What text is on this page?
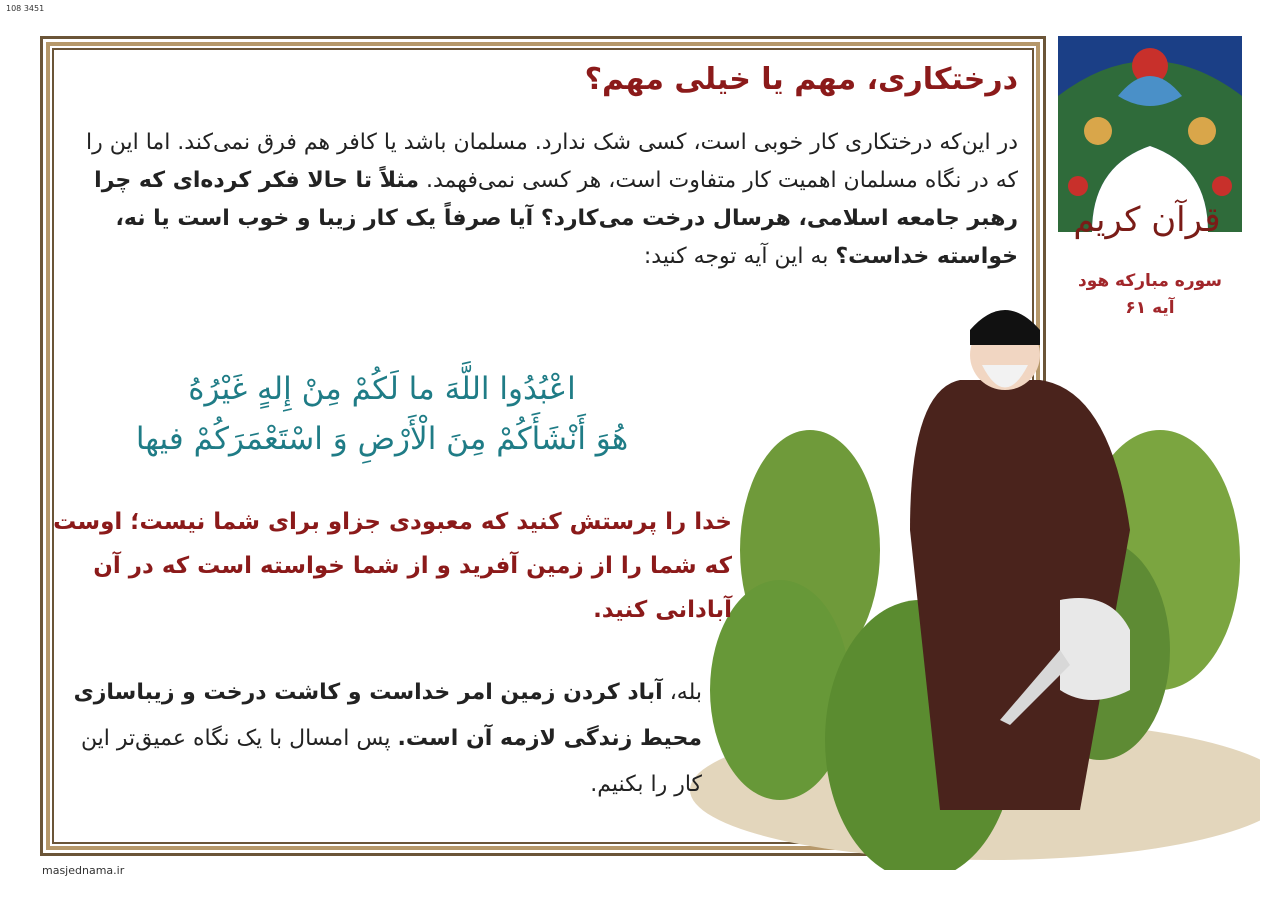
108 3451
قرآن کریم
سوره مبارکه هود
آیه ۶۱
درختکاری، مهم یا خیلی مهم؟
در این‌که درختکاری کار خوبی است، کسی شک ندارد. مسلمان باشد یا کافر هم فرق نمی‌کند. اما این را که در نگاه مسلمان اهمیت کار متفاوت است، هر کسی نمی‌فهمد. مثلاً تا حالا فکر کرده‌ای که چرا رهبر جامعه اسلامی، هرسال درخت می‌کارد؟ آیا صرفاً یک کار زیبا و خوب است یا نه، خواسته خداست؟ به این آیه توجه کنید:
اعْبُدُوا اللَّهَ ما لَكُمْ مِنْ إِلهٍ غَيْرُهُ
هُوَ أَنْشَأَكُمْ مِنَ الْأَرْضِ وَ اسْتَعْمَرَكُمْ فيها
خدا را پرستش کنید که معبودی جزاو برای شما نیست؛ اوست که شما را از زمین آفرید و از شما خواسته است که در آن آبادانی کنید.
بله، آباد کردن زمین امر خداست و کاشت درخت و زیباسازی محیط زندگی لازمه آن است. پس امسال با یک نگاه عمیق‌تر این کار را بکنیم.
masjednama.ir
